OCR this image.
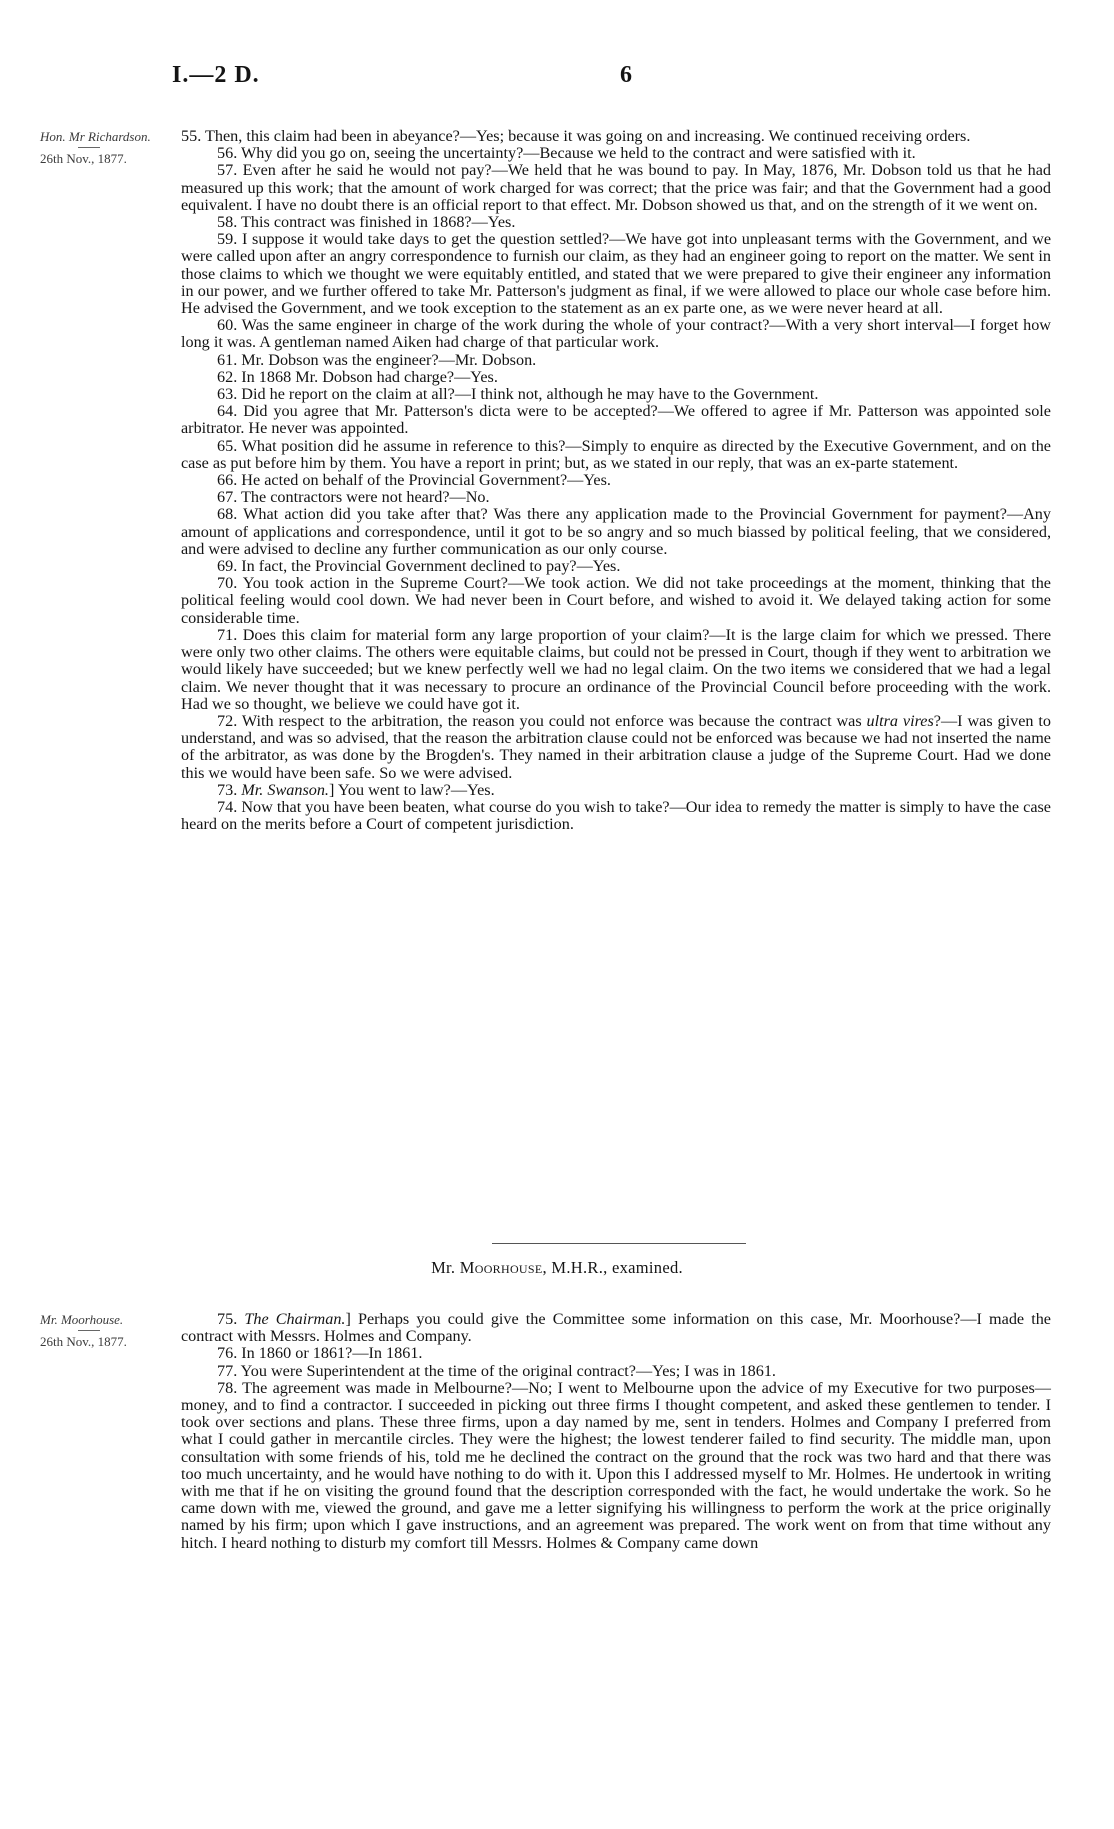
I.—2 D.	6
Hon. Mr Richardson.
26th Nov., 1877.

55. Then, this claim had been in abeyance?—Yes; because it was going on and increasing. We continued receiving orders.

56. Why did you go on, seeing the uncertainty?—Because we held to the contract and were satisfied with it.

57. Even after he said he would not pay?—We held that he was bound to pay. In May, 1876, Mr. Dobson told us that he had measured up this work; that the amount of work charged for was correct; that the price was fair; and that the Government had a good equivalent. I have no doubt there is an official report to that effect. Mr. Dobson showed us that, and on the strength of it we went on.

58. This contract was finished in 1868?—Yes.

59. I suppose it would take days to get the question settled?—We have got into unpleasant terms with the Government, and we were called upon after an angry correspondence to furnish our claim, as they had an engineer going to report on the matter. We sent in those claims to which we thought we were equitably entitled, and stated that we were prepared to give their engineer any information in our power, and we further offered to take Mr. Patterson's judgment as final, if we were allowed to place our whole case before him. He advised the Government, and we took exception to the statement as an ex parte one, as we were never heard at all.

60. Was the same engineer in charge of the work during the whole of your contract?—With a very short interval—I forget how long it was. A gentleman named Aiken had charge of that particular work.

61. Mr. Dobson was the engineer?—Mr. Dobson.

62. In 1868 Mr. Dobson had charge?—Yes.

63. Did he report on the claim at all?—I think not, although he may have to the Government.

64. Did you agree that Mr. Patterson's dicta were to be accepted?—We offered to agree if Mr. Patterson was appointed sole arbitrator. He never was appointed.

65. What position did he assume in reference to this?—Simply to enquire as directed by the Executive Government, and on the case as put before him by them. You have a report in print; but, as we stated in our reply, that was an ex-parte statement.

66. He acted on behalf of the Provincial Government?—Yes.

67. The contractors were not heard?—No.

68. What action did you take after that? Was there any application made to the Provincial Government for payment?—Any amount of applications and correspondence, until it got to be so angry and so much biassed by political feeling, that we considered, and were advised to decline any further communication as our only course.

69. In fact, the Provincial Government declined to pay?—Yes.

70. You took action in the Supreme Court?—We took action. We did not take proceedings at the moment, thinking that the political feeling would cool down. We had never been in Court before, and wished to avoid it. We delayed taking action for some considerable time.

71. Does this claim for material form any large proportion of your claim?—It is the large claim for which we pressed. There were only two other claims. The others were equitable claims, but could not be pressed in Court, though if they went to arbitration we would likely have succeeded; but we knew perfectly well we had no legal claim. On the two items we considered that we had a legal claim. We never thought that it was necessary to procure an ordinance of the Provincial Council before proceeding with the work. Had we so thought, we believe we could have got it.

72. With respect to the arbitration, the reason you could not enforce was because the contract was ultra vires?—I was given to understand, and was so advised, that the reason the arbitration clause could not be enforced was because we had not inserted the name of the arbitrator, as was done by the Brogden's. They named in their arbitration clause a judge of the Supreme Court. Had we done this we would have been safe. So we were advised.

73. Mr. Swanson.] You went to law?—Yes.

74. Now that you have been beaten, what course do you wish to take?—Our idea to remedy the matter is simply to have the case heard on the merits before a Court of competent jurisdiction.

Mr. Moorhouse, M.H.R., examined.
Mr. Moorhouse.
26th Nov., 1877.

75. The Chairman.] Perhaps you could give the Committee some information on this case, Mr. Moorhouse?—I made the contract with Messrs. Holmes and Company.

76. In 1860 or 1861?—In 1861.

77. You were Superintendent at the time of the original contract?—Yes; I was in 1861.

78. The agreement was made in Melbourne?—No; I went to Melbourne upon the advice of my Executive for two purposes—money, and to find a contractor. I succeeded in picking out three firms I thought competent, and asked these gentlemen to tender. I took over sections and plans. These three firms, upon a day named by me, sent in tenders. Holmes and Company I preferred from what I could gather in mercantile circles. They were the highest; the lowest tenderer failed to find security. The middle man, upon consultation with some friends of his, told me he declined the contract on the ground that the rock was two hard and that there was too much uncertainty, and he would have nothing to do with it. Upon this I addressed myself to Mr. Holmes. He undertook in writing with me that if he on visiting the ground found that the description corresponded with the fact, he would undertake the work. So he came down with me, viewed the ground, and gave me a letter signifying his willingness to perform the work at the price originally named by his firm; upon which I gave instructions, and an agreement was prepared. The work went on from that time without any hitch. I heard nothing to disturb my comfort till Messrs. Holmes & Company came down
